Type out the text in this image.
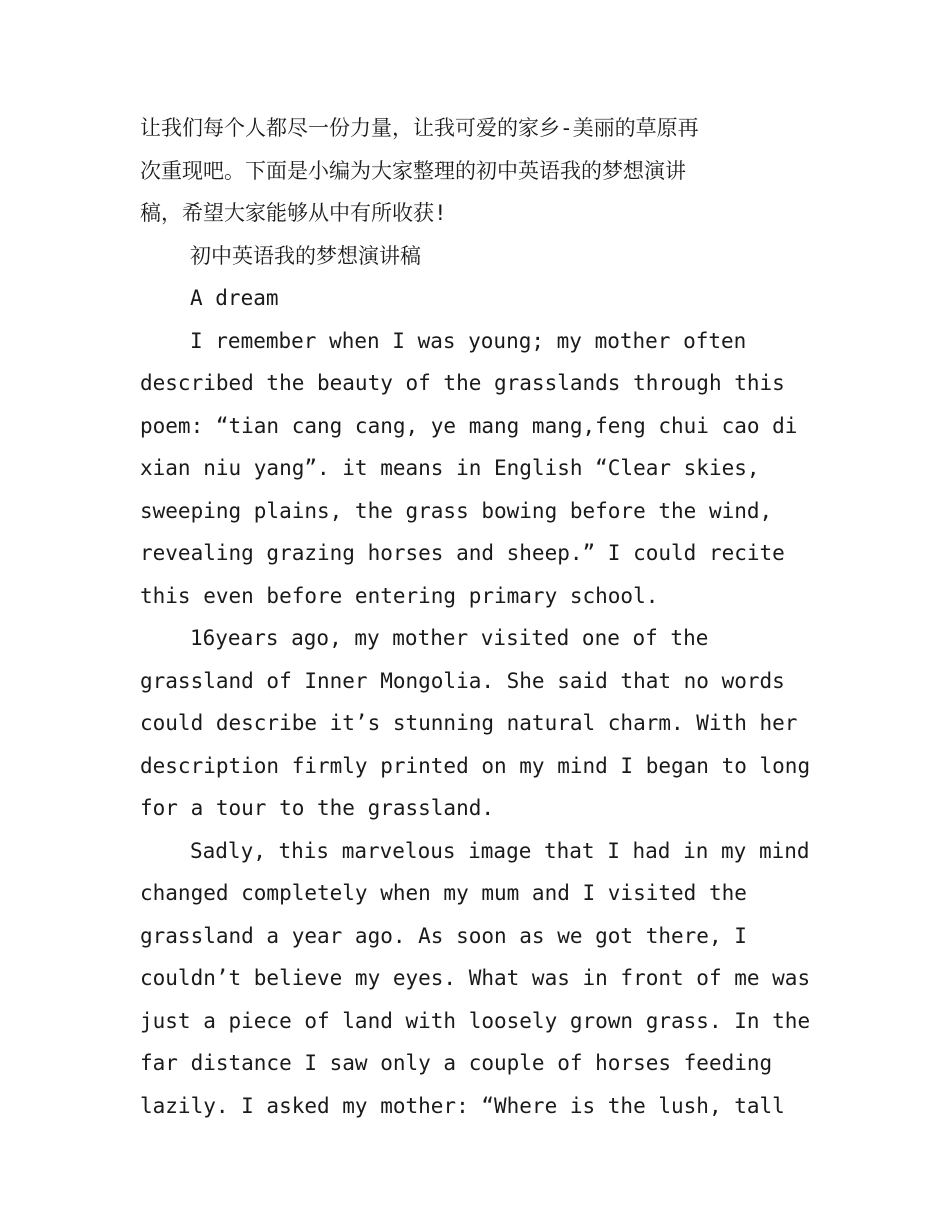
让我们每个人都尽一份力量，让我可爱的家乡-美丽的草原再
次重现吧。下面是小编为大家整理的初中英语我的梦想演讲
稿，希望大家能够从中有所收获!
初中英语我的梦想演讲稿
A dream
I remember when I was young; my mother often
described the beauty of the grasslands through this
poem: “tian cang cang, ye mang mang,feng chui cao di
xian niu yang”. it means in English “Clear skies,
sweeping plains, the grass bowing before the wind,
revealing grazing horses and sheep.” I could recite
this even before entering primary school.
16years ago, my mother visited one of the
grassland of Inner Mongolia. She said that no words
could describe it’s stunning natural charm. With her
description firmly printed on my mind I began to long
for a tour to the grassland.
Sadly, this marvelous image that I had in my mind
changed completely when my mum and I visited the
grassland a year ago. As soon as we got there, I
couldn’t believe my eyes. What was in front of me was
just a piece of land with loosely grown grass. In the
far distance I saw only a couple of horses feeding
lazily. I asked my mother: “Where is the lush, tall
